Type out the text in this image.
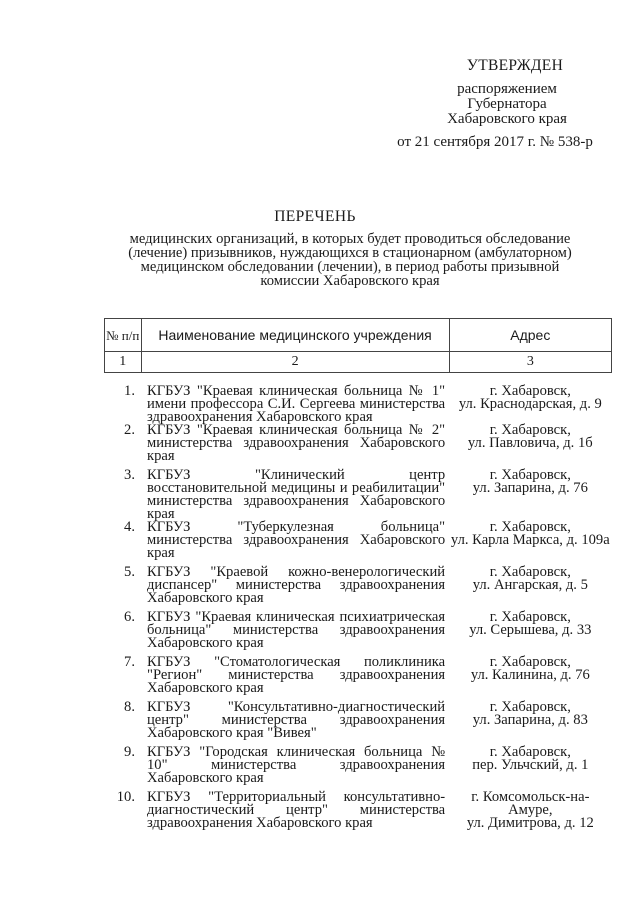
УТВЕРЖДЕН
распоряжением
Губернатора
Хабаровского края
от 21 сентября 2017 г. № 538-р
ПЕРЕЧЕНЬ
медицинских организаций, в которых будет проводиться обследование (лечение) призывников, нуждающихся в стационарном (амбулаторном) медицинском обследовании (лечении), в период работы призывной комиссии Хабаровского края
№ п/п	Наименование медицинского учреждения	Адрес
1	2	3
1.	КГБУЗ "Краевая клиническая больница № 1" имени профессора С.И. Сергеева министерства здравоохранения Хабаровского края	г. Хабаровск,
ул. Краснодарская, д. 9

2.	КГБУЗ "Краевая клиническая больница № 2" министерства здравоохранения Хабаровского края	г. Хабаровск,
ул. Павловича, д. 1б

3.	КГБУЗ "Клинический центр восстановительной медицины и реабилитации" министерства здравоохранения Хабаровского края	г. Хабаровск,
ул. Запарина, д. 76

4.	КГБУЗ "Туберкулезная больница" министерства здравоохранения Хабаровского края	г. Хабаровск,
ул. Карла Маркса, д. 109а

5.	КГБУЗ "Краевой кожно-венерологический диспансер" министерства здравоохранения Хабаровского края	г. Хабаровск,
ул. Ангарская, д. 5

6.	КГБУЗ "Краевая клиническая психиатрическая больница" министерства здравоохранения Хабаровского края	г. Хабаровск,
ул. Серышева, д. 33

7.	КГБУЗ "Стоматологическая поликлиника "Регион" министерства здравоохранения Хабаровского края	г. Хабаровск,
ул. Калинина, д. 76

8.	КГБУЗ "Консультативно-диагностический центр" министерства здравоохранения Хабаровского края "Вивея"	г. Хабаровск,
ул. Запарина, д. 83

9.	КГБУЗ "Городская клиническая больница № 10" министерства здравоохранения Хабаровского края	г. Хабаровск,
пер. Ульчский, д. 1

10.	КГБУЗ "Территориальный консультативно-диагностический центр" министерства здравоохранения Хабаровского края	г. Комсомольск-на-Амуре,
ул. Димитрова, д. 12
